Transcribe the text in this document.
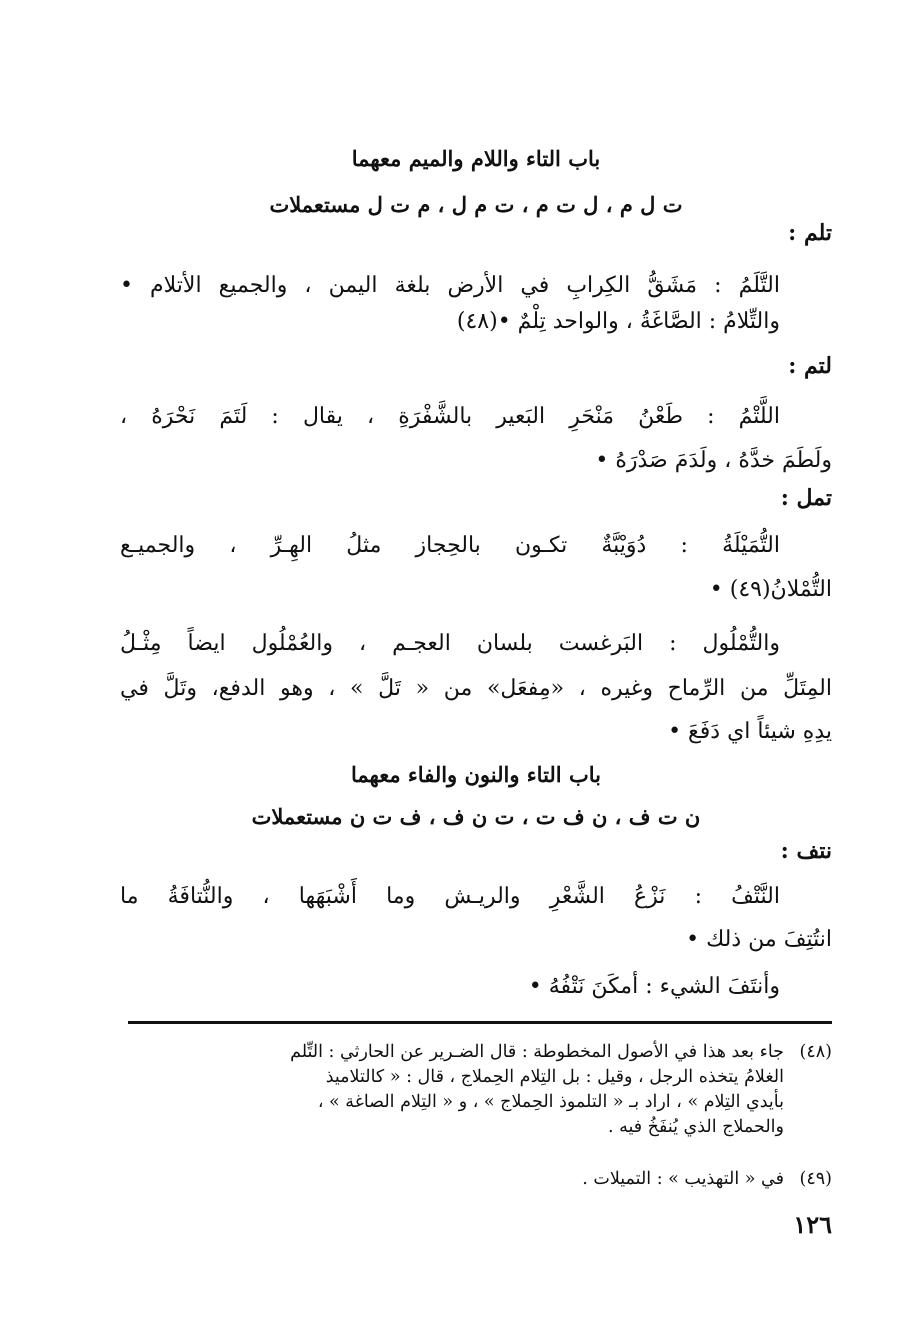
باب التاء واللام والميم معهما
ت ل م ، ل ت م ، ت م ل ، م ت ل مستعملات
تلم :
التَّلَمُ : مَشَقُّ الكِرابِ في الأرض بلغة اليمن ، والجميع الأتلام •
والتِّلامُ : الصَّاغَةُ ، والواحد تِلْمٌ •(٤٨)
لتم :
اللَّتْمُ : طَعْنُ مَنْحَرِ البَعير بالشَّفْرَةِ ، يقال : لَتَمَ نَحْرَهُ ،
ولَطَمَ خدَّهُ ، ولَدَمَ صَدْرَهُ •
تمل :
التُّمَيْلَةُ : دُوَيْبَّةٌ تكـون بالحِجاز مثلُ الهِـرِّ ، والجميـع
التُّمْلانُ(٤٩) •
والتُّمْلُول : البَرغست بلسان العجـم ، والعُمْلُول ايضاً مِثْـلُ
المِتَلِّ من الرِّماح وغيره ، «مِفعَل» من « تَلَّ » ، وهو الدفع، وتَلَّ في
يدِهِ شيئاً اي دَفَعَ •
باب التاء والنون والفاء معهما
ن ت ف ، ن ف ت ، ت ن ف ، ف ت ن مستعملات
نتف :
النَّتْفُ : نَزْعُ الشَّعْرِ والريـش وما أَشْبَهَها ، والنُّتافَةُ ما
انتُتِفَ من ذلك •
وأنتَفَ الشيء : أمكَنَ نَتْفُهُ •
(٤٨)
جاء بعد هذا في الأصول المخطوطة : قال الضـرير عن الحارثي : التِّلم
الغلامُ يتخذه الرجل ، وقيل : بل التِلام الحِملاج ، قال : « كالتلاميذ
بأيدي التِلام » ، اراد بـ « التلموذ الحِملاج » ، و « التِلام الصاغة » ،
والحملاج الذي يُنفَخُ فيه .
(٤٩)
في « التهذيب » : التميلات .
١٢٦
